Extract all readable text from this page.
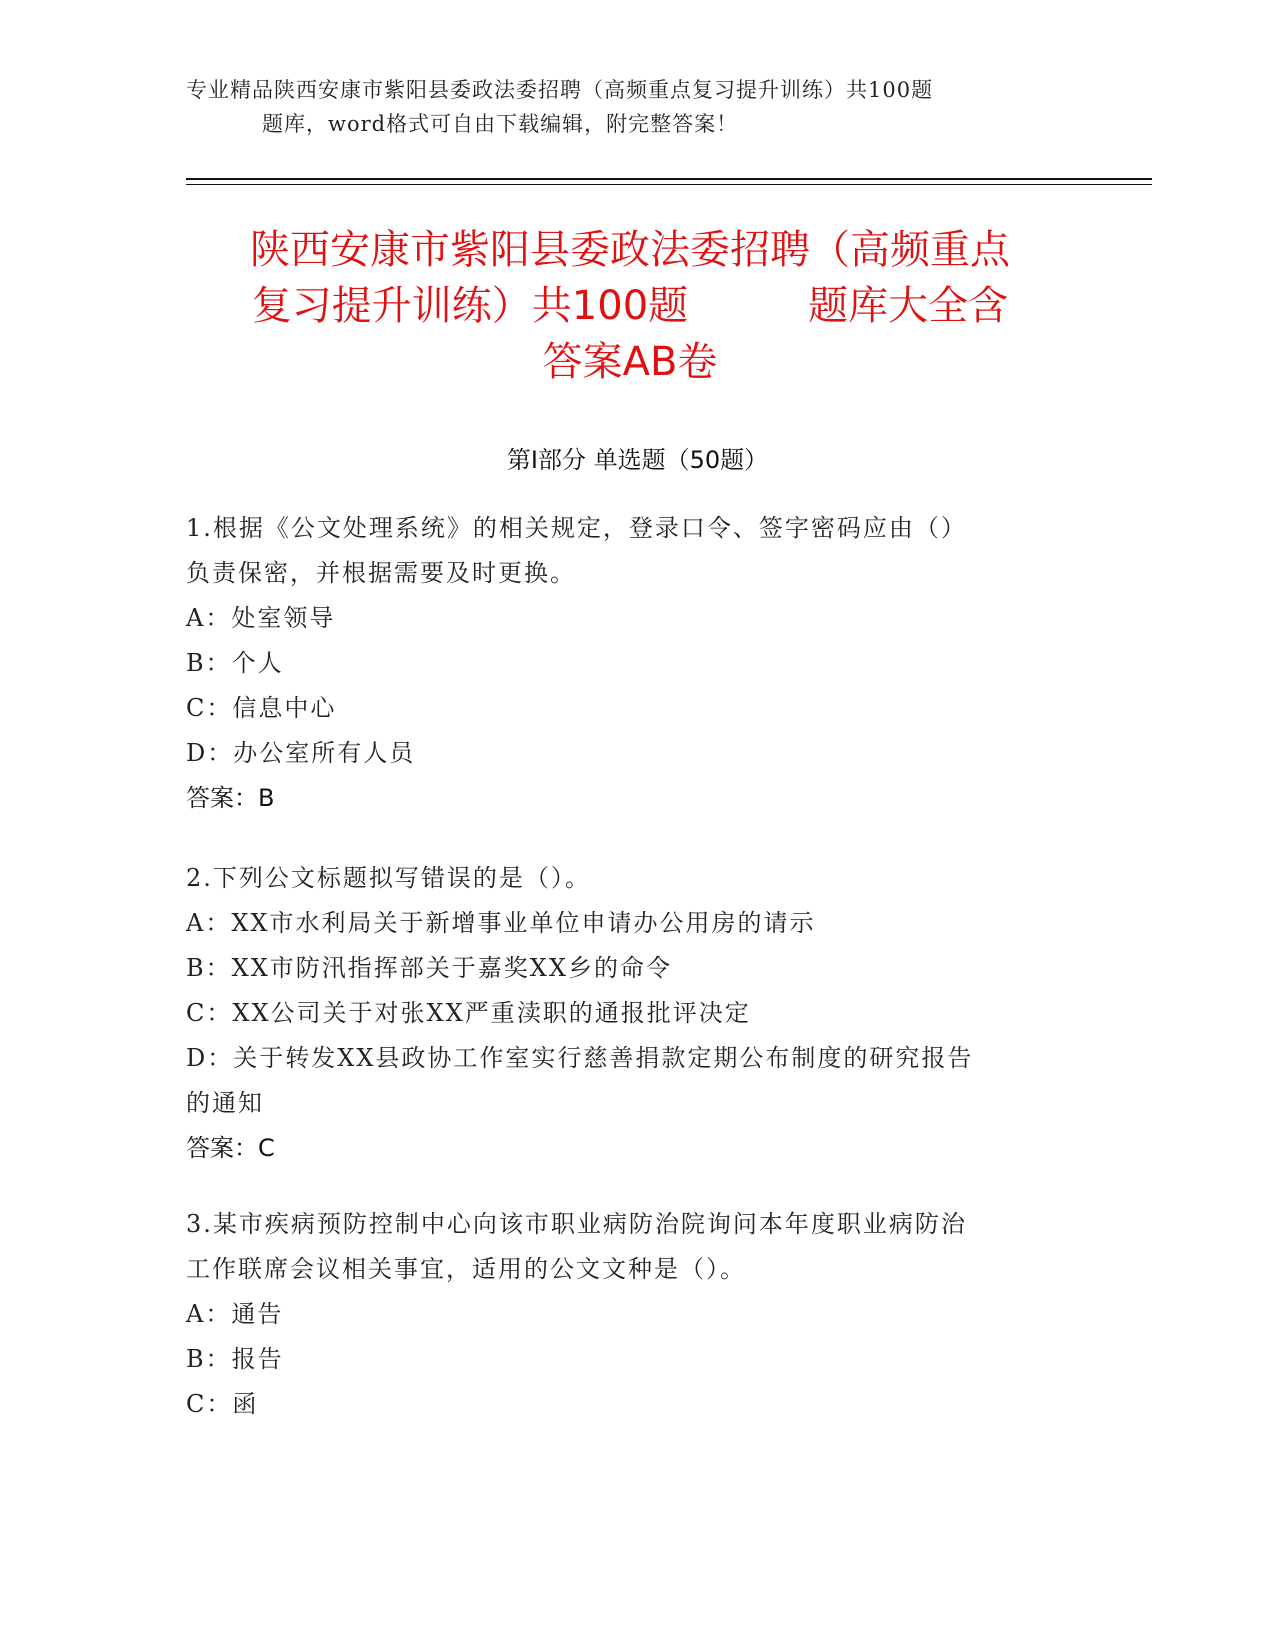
专业精品陕西安康市紫阳县委政法委招聘（高频重点复习提升训练）共100题
题库，word格式可自由下载编辑，附完整答案！
陕西安康市紫阳县委政法委招聘（高频重点
复习提升训练）共100题	题库大全含
答案AB卷
第Ⅰ部分 单选题（50题）
1.根据《公文处理系统》的相关规定，登录口令、签字密码应由（）
负责保密，并根据需要及时更换。
A：处室领导
B：个人
C：信息中心
D：办公室所有人员
答案：B
2.下列公文标题拟写错误的是（）。
A：XX市水利局关于新增事业单位申请办公用房的请示
B：XX市防汛指挥部关于嘉奖XX乡的命令
C：XX公司关于对张XX严重渎职的通报批评决定
D：关于转发XX县政协工作室实行慈善捐款定期公布制度的研究报告
的通知
答案：C
3.某市疾病预防控制中心向该市职业病防治院询问本年度职业病防治
工作联席会议相关事宜，适用的公文文种是（）。
A：通告
B：报告
C：函
